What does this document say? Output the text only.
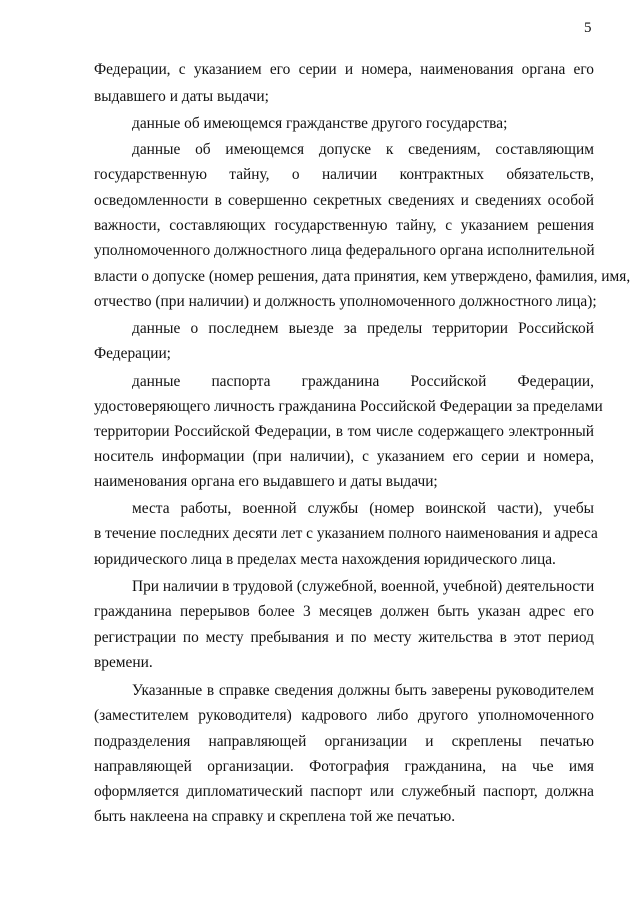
5
Федерации, с указанием его серии и номера, наименования органа его
выдавшего и даты выдачи;
данные об имеющемся гражданстве другого государства;
данные об имеющемся допуске к сведениям, составляющим
государственную тайну, о наличии контрактных обязательств,
осведомленности в совершенно секретных сведениях и сведениях особой
важности, составляющих государственную тайну, с указанием решения
уполномоченного должностного лица федерального органа исполнительной
власти о допуске (номер решения, дата принятия, кем утверждено, фамилия, имя,
отчество (при наличии) и должность уполномоченного должностного лица);
данные о последнем выезде за пределы территории Российской
Федерации;
данные паспорта гражданина Российской Федерации,
удостоверяющего личность гражданина Российской Федерации за пределами
территории Российской Федерации, в том числе содержащего электронный
носитель информации (при наличии), с указанием его серии и номера,
наименования органа его выдавшего и даты выдачи;
места работы, военной службы (номер воинской части), учебы
в течение последних десяти лет с указанием полного наименования и адреса
юридического лица в пределах места нахождения юридического лица.
При наличии в трудовой (служебной, военной, учебной) деятельности
гражданина перерывов более 3 месяцев должен быть указан адрес его
регистрации по месту пребывания и по месту жительства в этот период
времени.
Указанные в справке сведения должны быть заверены руководителем
(заместителем руководителя) кадрового либо другого уполномоченного
подразделения направляющей организации и скреплены печатью
направляющей организации. Фотография гражданина, на чье имя
оформляется дипломатический паспорт или служебный паспорт, должна
быть наклеена на справку и скреплена той же печатью.
